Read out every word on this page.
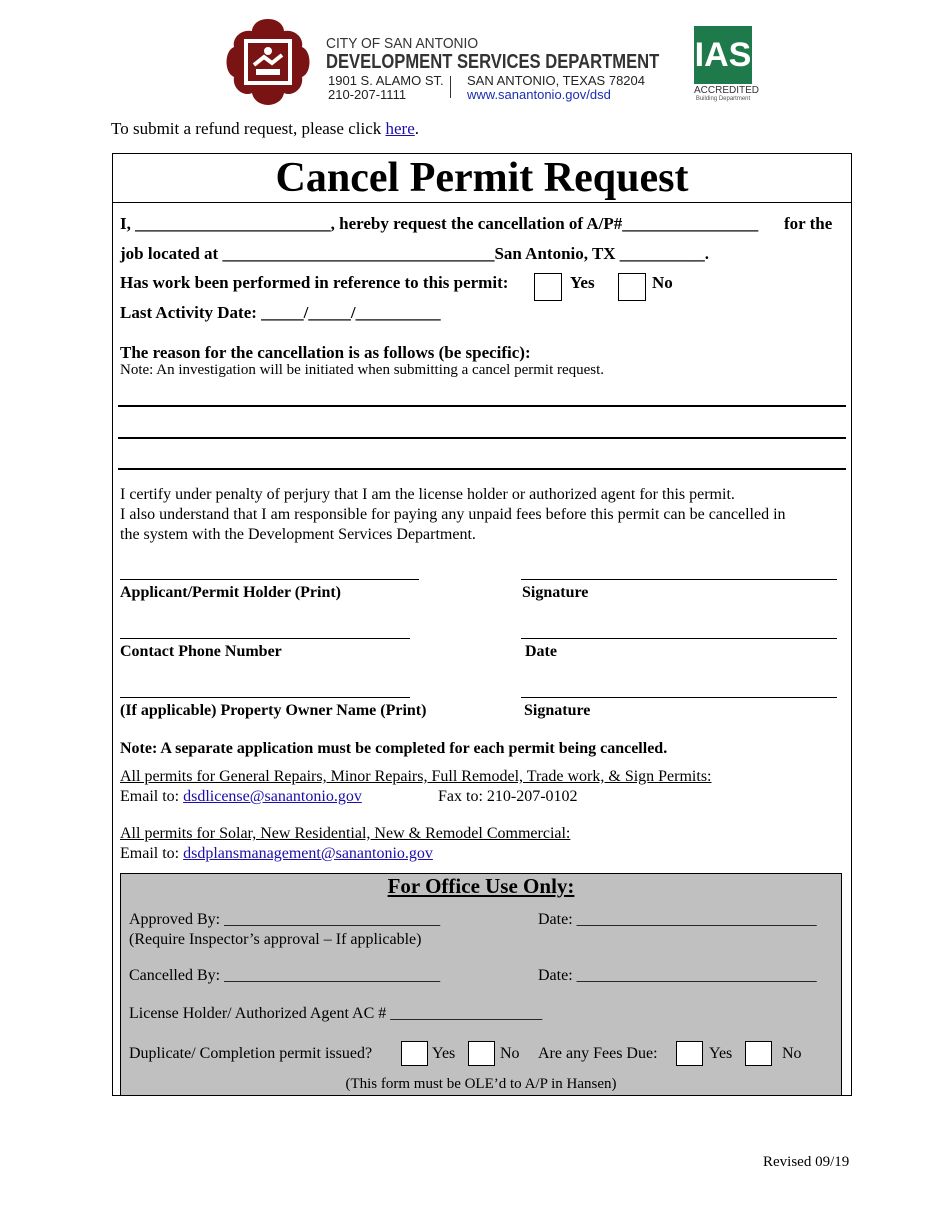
CITY OF SAN ANTONIO
DEVELOPMENT SERVICES DEPARTMENT
1901 S. ALAMO ST.
210-207-1111
SAN ANTONIO, TEXAS 78204
www.sanantonio.gov/dsd
IAS
ACCREDITED
Building Department
To submit a refund request, please click here.
Cancel Permit Request
I, _______________________, hereby request the cancellation of A/P#________________ for the
job located at ________________________________San Antonio, TX __________.
Has work been performed in reference to this permit:	Yes	No
Last Activity Date: _____/_____/__________
The reason for the cancellation is as follows (be specific):
Note: An investigation will be initiated when submitting a cancel permit request.
I certify under penalty of perjury that I am the license holder or authorized agent for this permit.
I also understand that I am responsible for paying any unpaid fees before this permit can be cancelled in
the system with the Development Services Department.
Applicant/Permit Holder (Print)	Signature
Contact Phone Number	Date
(If applicable) Property Owner Name (Print)	Signature
Note: A separate application must be completed for each permit being cancelled.
All permits for General Repairs, Minor Repairs, Full Remodel, Trade work, & Sign Permits:
Email to: dsdlicense@sanantonio.gov	Fax to: 210-207-0102
All permits for Solar, New Residential, New & Remodel Commercial:
Email to: dsdplansmanagement@sanantonio.gov
For Office Use Only:
Approved By: ___________________________	Date: ______________________________
(Require Inspector’s approval – If applicable)
Cancelled By: ___________________________	Date: ______________________________
License Holder/ Authorized Agent AC # ___________________
Duplicate/ Completion permit issued?	Yes	No Are any Fees Due:	Yes	No
(This form must be OLE’d to A/P in Hansen)
Revised 09/19
